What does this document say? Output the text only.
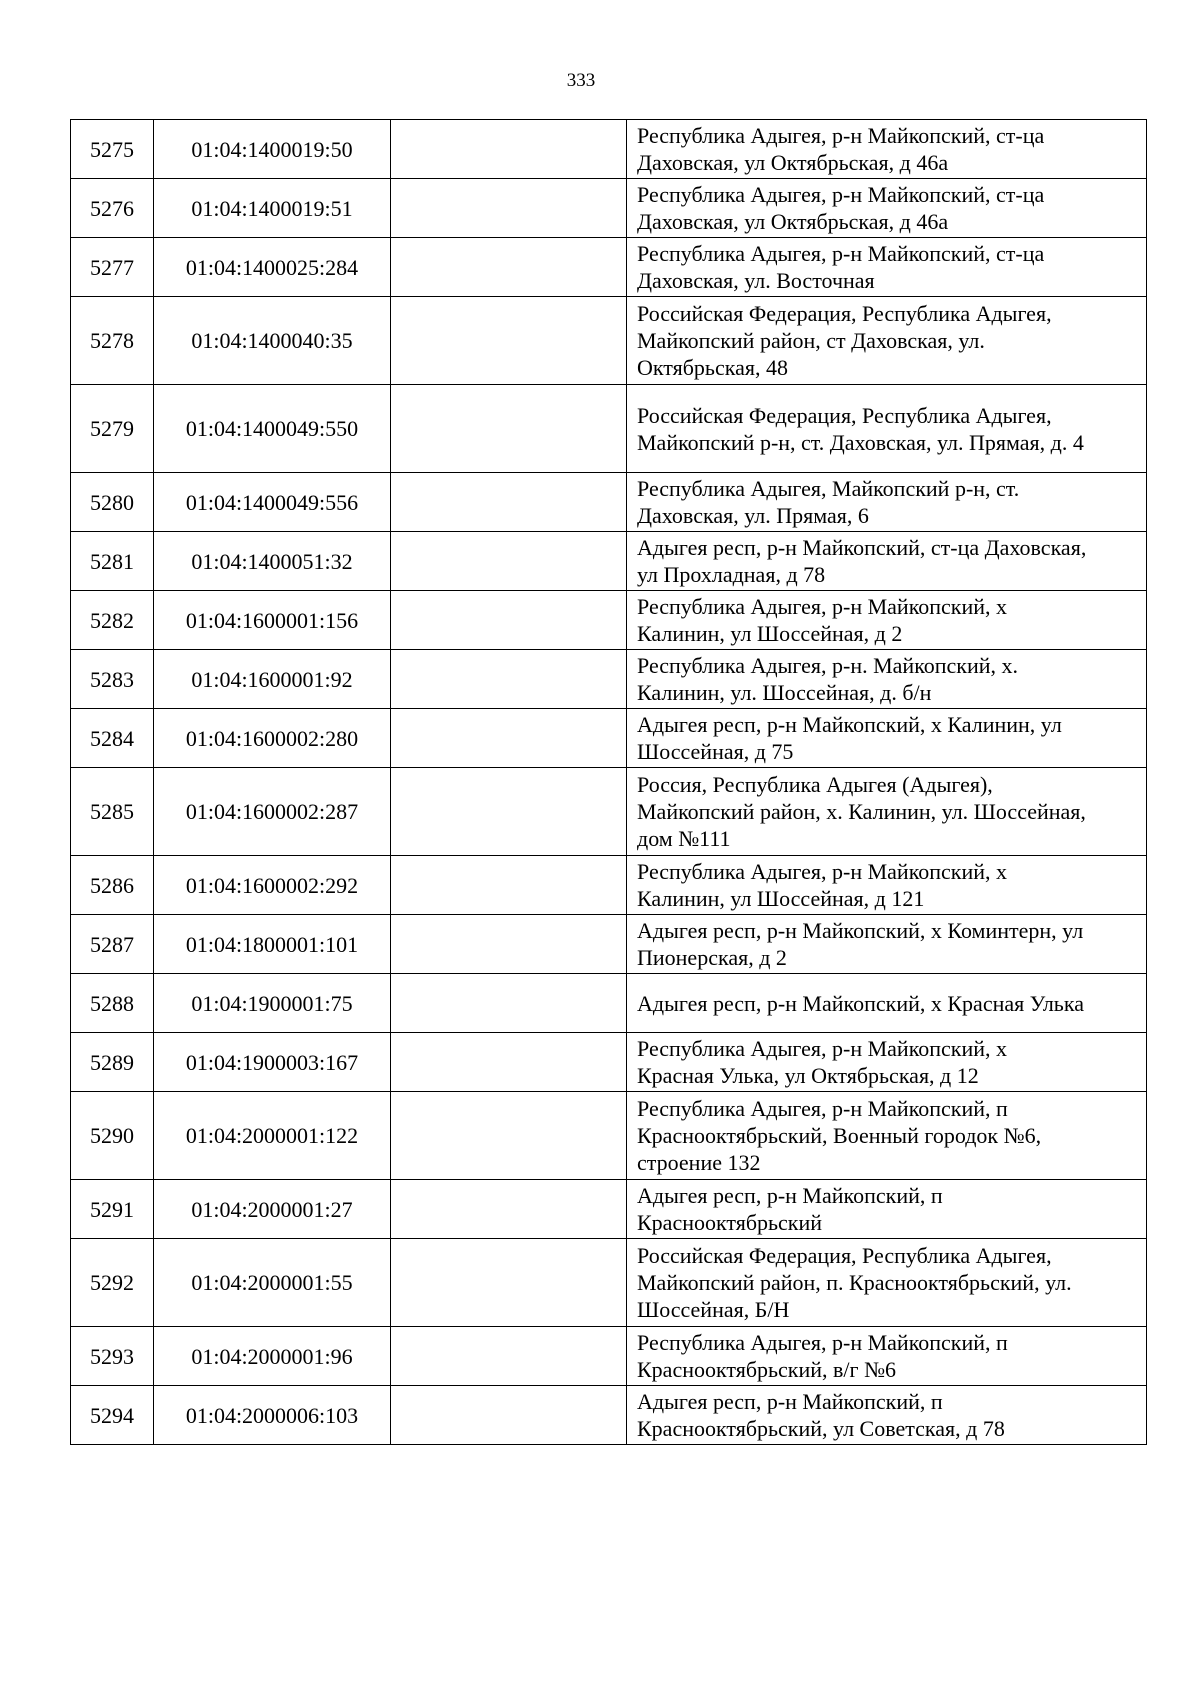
333
5275	01:04:1400019:50		Республика Адыгея, р-н Майкопский, ст-ца
Даховская, ул Октябрьская, д 46а
5276	01:04:1400019:51		Республика Адыгея, р-н Майкопский, ст-ца
Даховская, ул Октябрьская, д 46а
5277	01:04:1400025:284		Республика Адыгея, р-н Майкопский, ст-ца
Даховская, ул. Восточная
5278	01:04:1400040:35		Российская Федерация, Республика Адыгея,
Майкопский район, ст Даховская, ул.
Октябрьская, 48
5279	01:04:1400049:550		Российская Федерация, Республика Адыгея,
Майкопский р-н, ст. Даховская, ул. Прямая, д. 4
5280	01:04:1400049:556		Республика Адыгея, Майкопский р-н, ст.
Даховская, ул. Прямая, 6
5281	01:04:1400051:32		Адыгея респ, р-н Майкопский, ст-ца Даховская,
ул Прохладная, д 78
5282	01:04:1600001:156		Республика Адыгея, р-н Майкопский, х
Калинин, ул Шоссейная, д 2
5283	01:04:1600001:92		Республика Адыгея, р-н. Майкопский, х.
Калинин, ул. Шоссейная, д. б/н
5284	01:04:1600002:280		Адыгея респ, р-н Майкопский, х Калинин, ул
Шоссейная, д 75
5285	01:04:1600002:287		Россия, Республика Адыгея (Адыгея),
Майкопский район, х. Калинин, ул. Шоссейная,
дом №111
5286	01:04:1600002:292		Республика Адыгея, р-н Майкопский, х
Калинин, ул Шоссейная, д 121
5287	01:04:1800001:101		Адыгея респ, р-н Майкопский, х Коминтерн, ул
Пионерская, д 2
5288	01:04:1900001:75		Адыгея респ, р-н Майкопский, х Красная Улька
5289	01:04:1900003:167		Республика Адыгея, р-н Майкопский, х
Красная Улька, ул Октябрьская, д 12
5290	01:04:2000001:122		Республика Адыгея, р-н Майкопский, п
Краснооктябрьский, Военный городок №6,
строение 132
5291	01:04:2000001:27		Адыгея респ, р-н Майкопский, п
Краснооктябрьский
5292	01:04:2000001:55		Российская Федерация, Республика Адыгея,
Майкопский район, п. Краснооктябрьский, ул.
Шоссейная, Б/Н
5293	01:04:2000001:96		Республика Адыгея, р-н Майкопский, п
Краснооктябрьский, в/г №6
5294	01:04:2000006:103		Адыгея респ, р-н Майкопский, п
Краснооктябрьский, ул Советская, д 78
